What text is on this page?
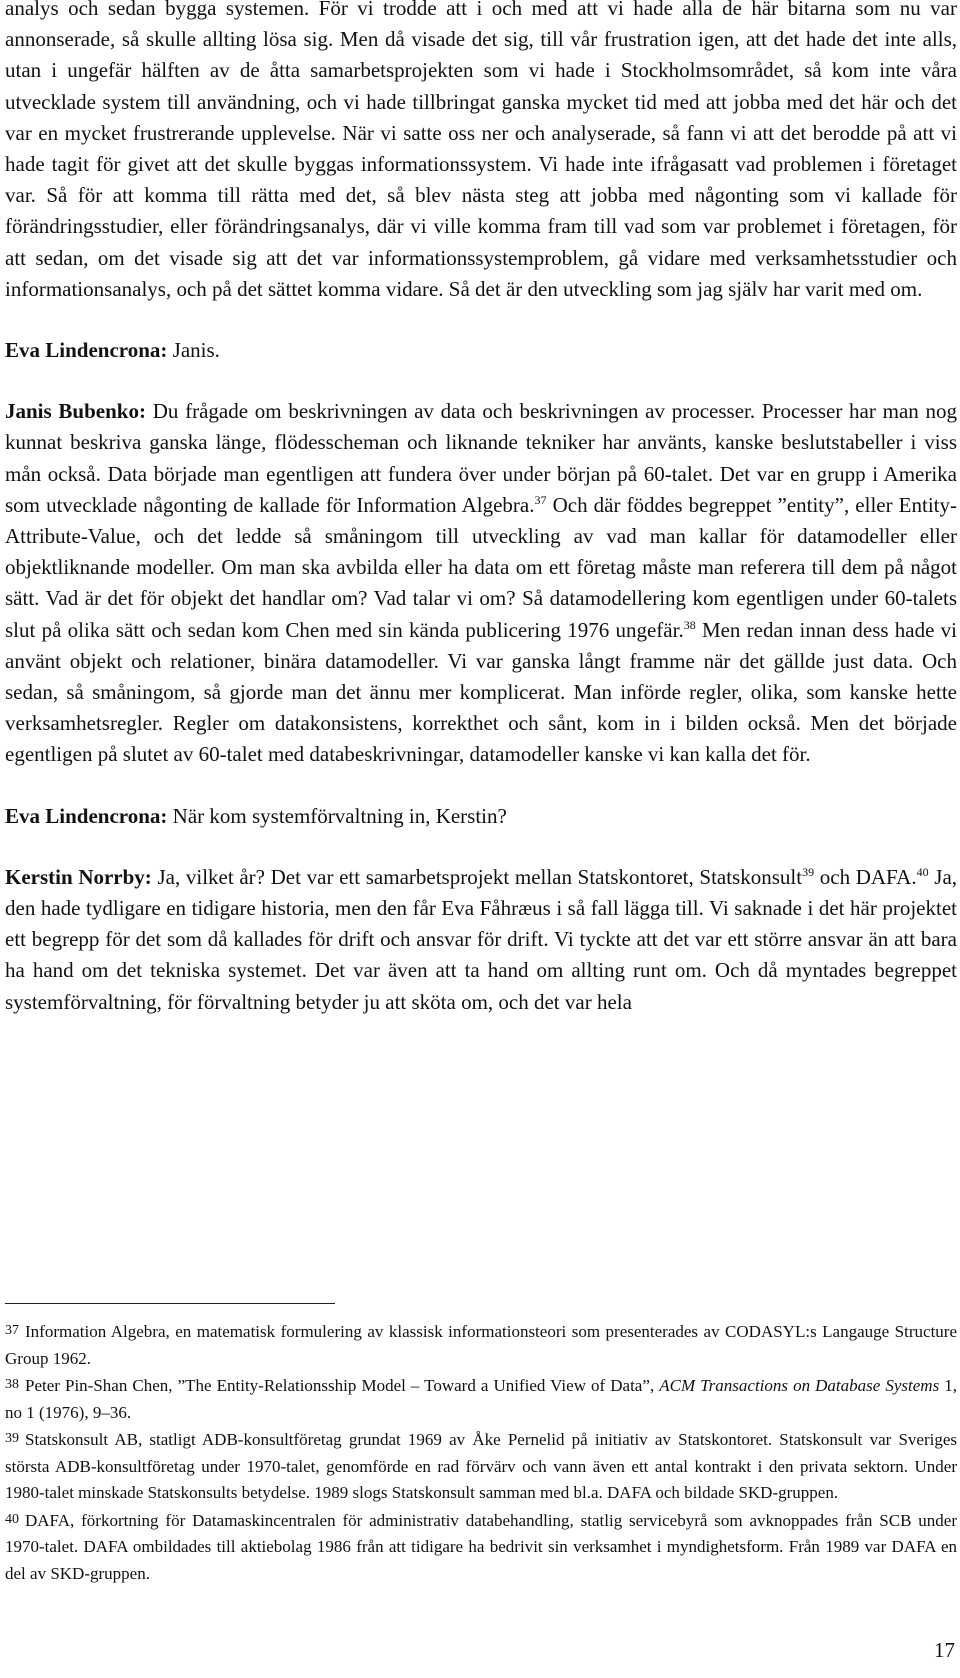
analys och sedan bygga systemen. För vi trodde att i och med att vi hade alla de här bitarna som nu var annonserade, så skulle allting lösa sig. Men då visade det sig, till vår frustration igen, att det hade det inte alls, utan i ungefär hälften av de åtta samarbetsprojekten som vi hade i Stockholmsområdet, så kom inte våra utvecklade system till användning, och vi hade tillbringat ganska mycket tid med att jobba med det här och det var en mycket frustrerande upplevelse. När vi satte oss ner och analyserade, så fann vi att det berodde på att vi hade tagit för givet att det skulle byggas informationssystem. Vi hade inte ifrågasatt vad problemen i företaget var. Så för att komma till rätta med det, så blev nästa steg att jobba med någonting som vi kallade för förändringsstudier, eller förändringsanalys, där vi ville komma fram till vad som var problemet i företagen, för att sedan, om det visade sig att det var informationssystemproblem, gå vidare med verksamhetsstudier och informationsanalys, och på det sättet komma vidare. Så det är den utveckling som jag själv har varit med om.

Eva Lindencrona: Janis.

Janis Bubenko: Du frågade om beskrivningen av data och beskrivningen av processer. Processer har man nog kunnat beskriva ganska länge, flödesscheman och liknande tekniker har använts, kanske beslutstabeller i viss mån också. Data började man egentligen att fundera över under början på 60-talet. Det var en grupp i Amerika som utvecklade någonting de kallade för Information Algebra.$^{37}$ Och där föddes begreppet ”entity”, eller Entity-Attribute-Value, och det ledde så småningom till utveckling av vad man kallar för datamodeller eller objektliknande modeller. Om man ska avbilda eller ha data om ett företag måste man referera till dem på något sätt. Vad är det för objekt det handlar om? Vad talar vi om? Så datamodellering kom egentligen under 60-talets slut på olika sätt och sedan kom Chen med sin kända publicering 1976 ungefär.$^{38}$ Men redan innan dess hade vi använt objekt och relationer, binära datamodeller. Vi var ganska långt framme när det gällde just data. Och sedan, så småningom, så gjorde man det ännu mer komplicerat. Man införde regler, olika, som kanske hette verksamhetsregler. Regler om datakonsistens, korrekthet och sånt, kom in i bilden också. Men det började egentligen på slutet av 60-talet med databeskrivningar, datamodeller kanske vi kan kalla det för.

Eva Lindencrona: När kom systemförvaltning in, Kerstin?

Kerstin Norrby: Ja, vilket år? Det var ett samarbetsprojekt mellan Statskontoret, Statskonsult$^{39}$ och DAFA.$^{40}$ Ja, den hade tydligare en tidigare historia, men den får Eva Fåhræus i så fall lägga till. Vi saknade i det här projektet ett begrepp för det som då kallades för drift och ansvar för drift. Vi tyckte att det var ett större ansvar än att bara ha hand om det tekniska systemet. Det var även att ta hand om allting runt om. Och då myntades begreppet systemförvaltning, för förvaltning betyder ju att sköta om, och det var hela

37 Information Algebra, en matematisk formulering av klassisk informationsteori som presenterades av CODASYL:s Langauge Structure Group 1962.

38 Peter Pin-Shan Chen, ”The Entity-Relationsship Model – Toward a Unified View of Data”, ACM Transactions on Database Systems 1, no 1 (1976), 9–36.

39 Statskonsult AB, statligt ADB-konsultföretag grundat 1969 av Åke Pernelid på initiativ av Statskontoret. Statskonsult var Sveriges största ADB-konsultföretag under 1970-talet, genomförde en rad förvärv och vann även ett antal kontrakt i den privata sektorn. Under 1980-talet minskade Statskonsults betydelse. 1989 slogs Statskonsult samman med bl.a. DAFA och bildade SKD-gruppen.

40 DAFA, förkortning för Datamaskincentralen för administrativ databehandling, statlig servicebyrå som avknoppades från SCB under 1970-talet. DAFA ombildades till aktiebolag 1986 från att tidigare ha bedrivit sin verksamhet i myndighetsform. Från 1989 var DAFA en del av SKD-gruppen.

17
